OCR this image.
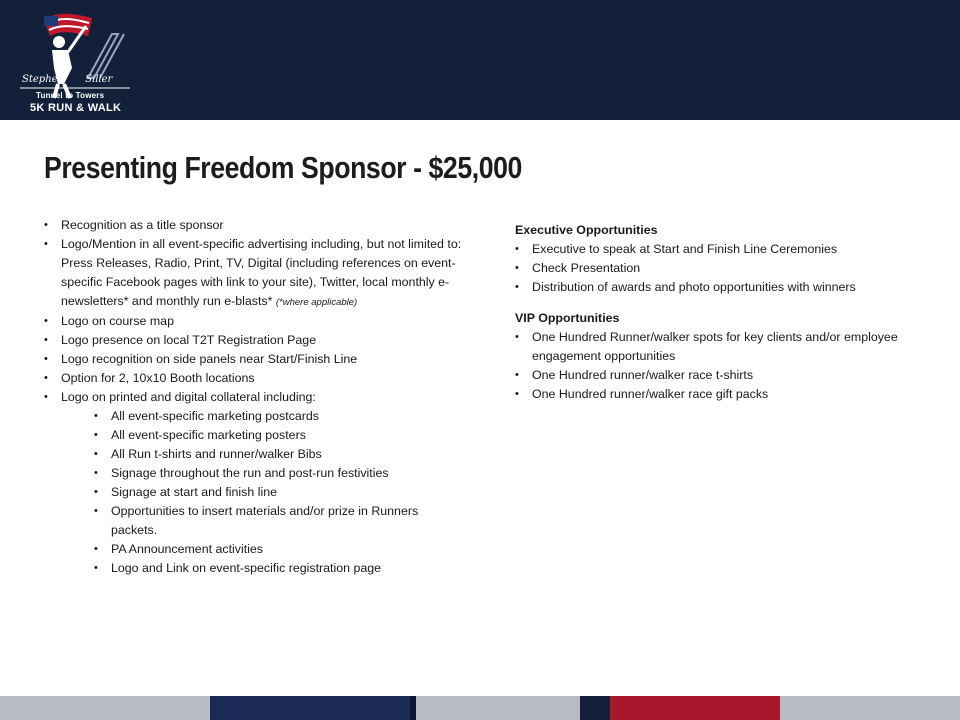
Stephen Siller
Tunnel to Towers
5K RUN & WALK
Presenting Freedom Sponsor - $25,000
• Recognition as a title sponsor
• Logo/Mention in all event-specific advertising including, but not limited to: Press Releases, Radio, Print, TV, Digital (including references on event-specific Facebook pages with link to your site), Twitter, local monthly e-newsletters* and monthly run e-blasts* (*where applicable)
• Logo on course map
• Logo presence on local T2T Registration Page
• Logo recognition on side panels near Start/Finish Line
• Option for 2, 10x10 Booth locations
• Logo on printed and digital collateral including:
• All event-specific marketing postcards
• All event-specific marketing posters
• All Run t-shirts and runner/walker Bibs
• Signage throughout the run and post-run festivities
• Signage at start and finish line
• Opportunities to insert materials and/or prize in Runners packets.
• PA Announcement activities
• Logo and Link on event-specific registration page

Executive Opportunities

• Executive to speak at Start and Finish Line Ceremonies
• Check Presentation
• Distribution of awards and photo opportunities with winners

VIP Opportunities

• One Hundred Runner/walker spots for key clients and/or employee engagement opportunities
• One Hundred runner/walker race t-shirts
• One Hundred runner/walker race gift packs
